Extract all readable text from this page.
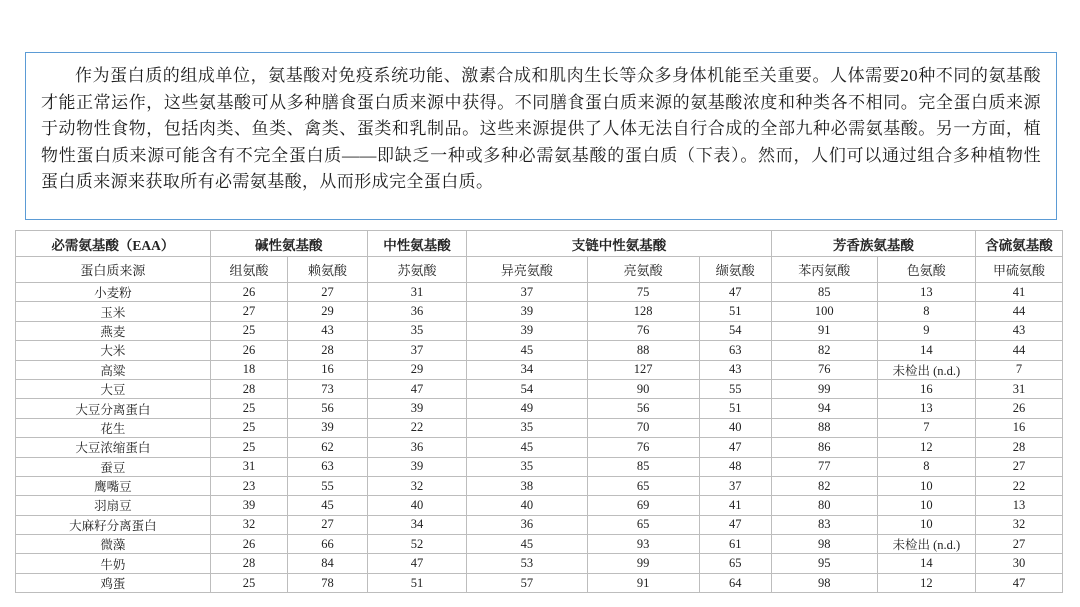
作为蛋白质的组成单位，氨基酸对免疫系统功能、激素合成和肌肉生长等众多身体机能至关重要。人体需要20种不同的氨基酸才能正常运作，这些氨基酸可从多种膳食蛋白质来源中获得。不同膳食蛋白质来源的氨基酸浓度和种类各不相同。完全蛋白质来源于动物性食物，包括肉类、鱼类、禽类、蛋类和乳制品。这些来源提供了人体无法自行合成的全部九种必需氨基酸。另一方面，植物性蛋白质来源可能含有不完全蛋白质——即缺乏一种或多种必需氨基酸的蛋白质（下表）。然而，人们可以通过组合多种植物性蛋白质来源来获取所有必需氨基酸，从而形成完全蛋白质。

必需氨基酸（EAA）	碱性氨基酸		中性氨基酸	支链中性氨基酸			芳香族氨基酸		含硫氨基酸
蛋白质来源	组氨酸	赖氨酸	苏氨酸	异亮氨酸	亮氨酸	缬氨酸	苯丙氨酸	色氨酸	甲硫氨酸
小麦粉	26	27	31	37	75	47	85	13	41
玉米	27	29	36	39	128	51	100	8	44
燕麦	25	43	35	39	76	54	91	9	43
大米	26	28	37	45	88	63	82	14	44
高粱	18	16	29	34	127	43	76	未检出 (n.d.)	7
大豆	28	73	47	54	90	55	99	16	31
大豆分离蛋白	25	56	39	49	56	51	94	13	26
花生	25	39	22	35	70	40	88	7	16
大豆浓缩蛋白	25	62	36	45	76	47	86	12	28
蚕豆	31	63	39	35	85	48	77	8	27
鹰嘴豆	23	55	32	38	65	37	82	10	22
羽扇豆	39	45	40	40	69	41	80	10	13
大麻籽分离蛋白	32	27	34	36	65	47	83	10	32
微藻	26	66	52	45	93	61	98	未检出 (n.d.)	27
牛奶	28	84	47	53	99	65	95	14	30
鸡蛋	25	78	51	57	91	64	98	12	47
